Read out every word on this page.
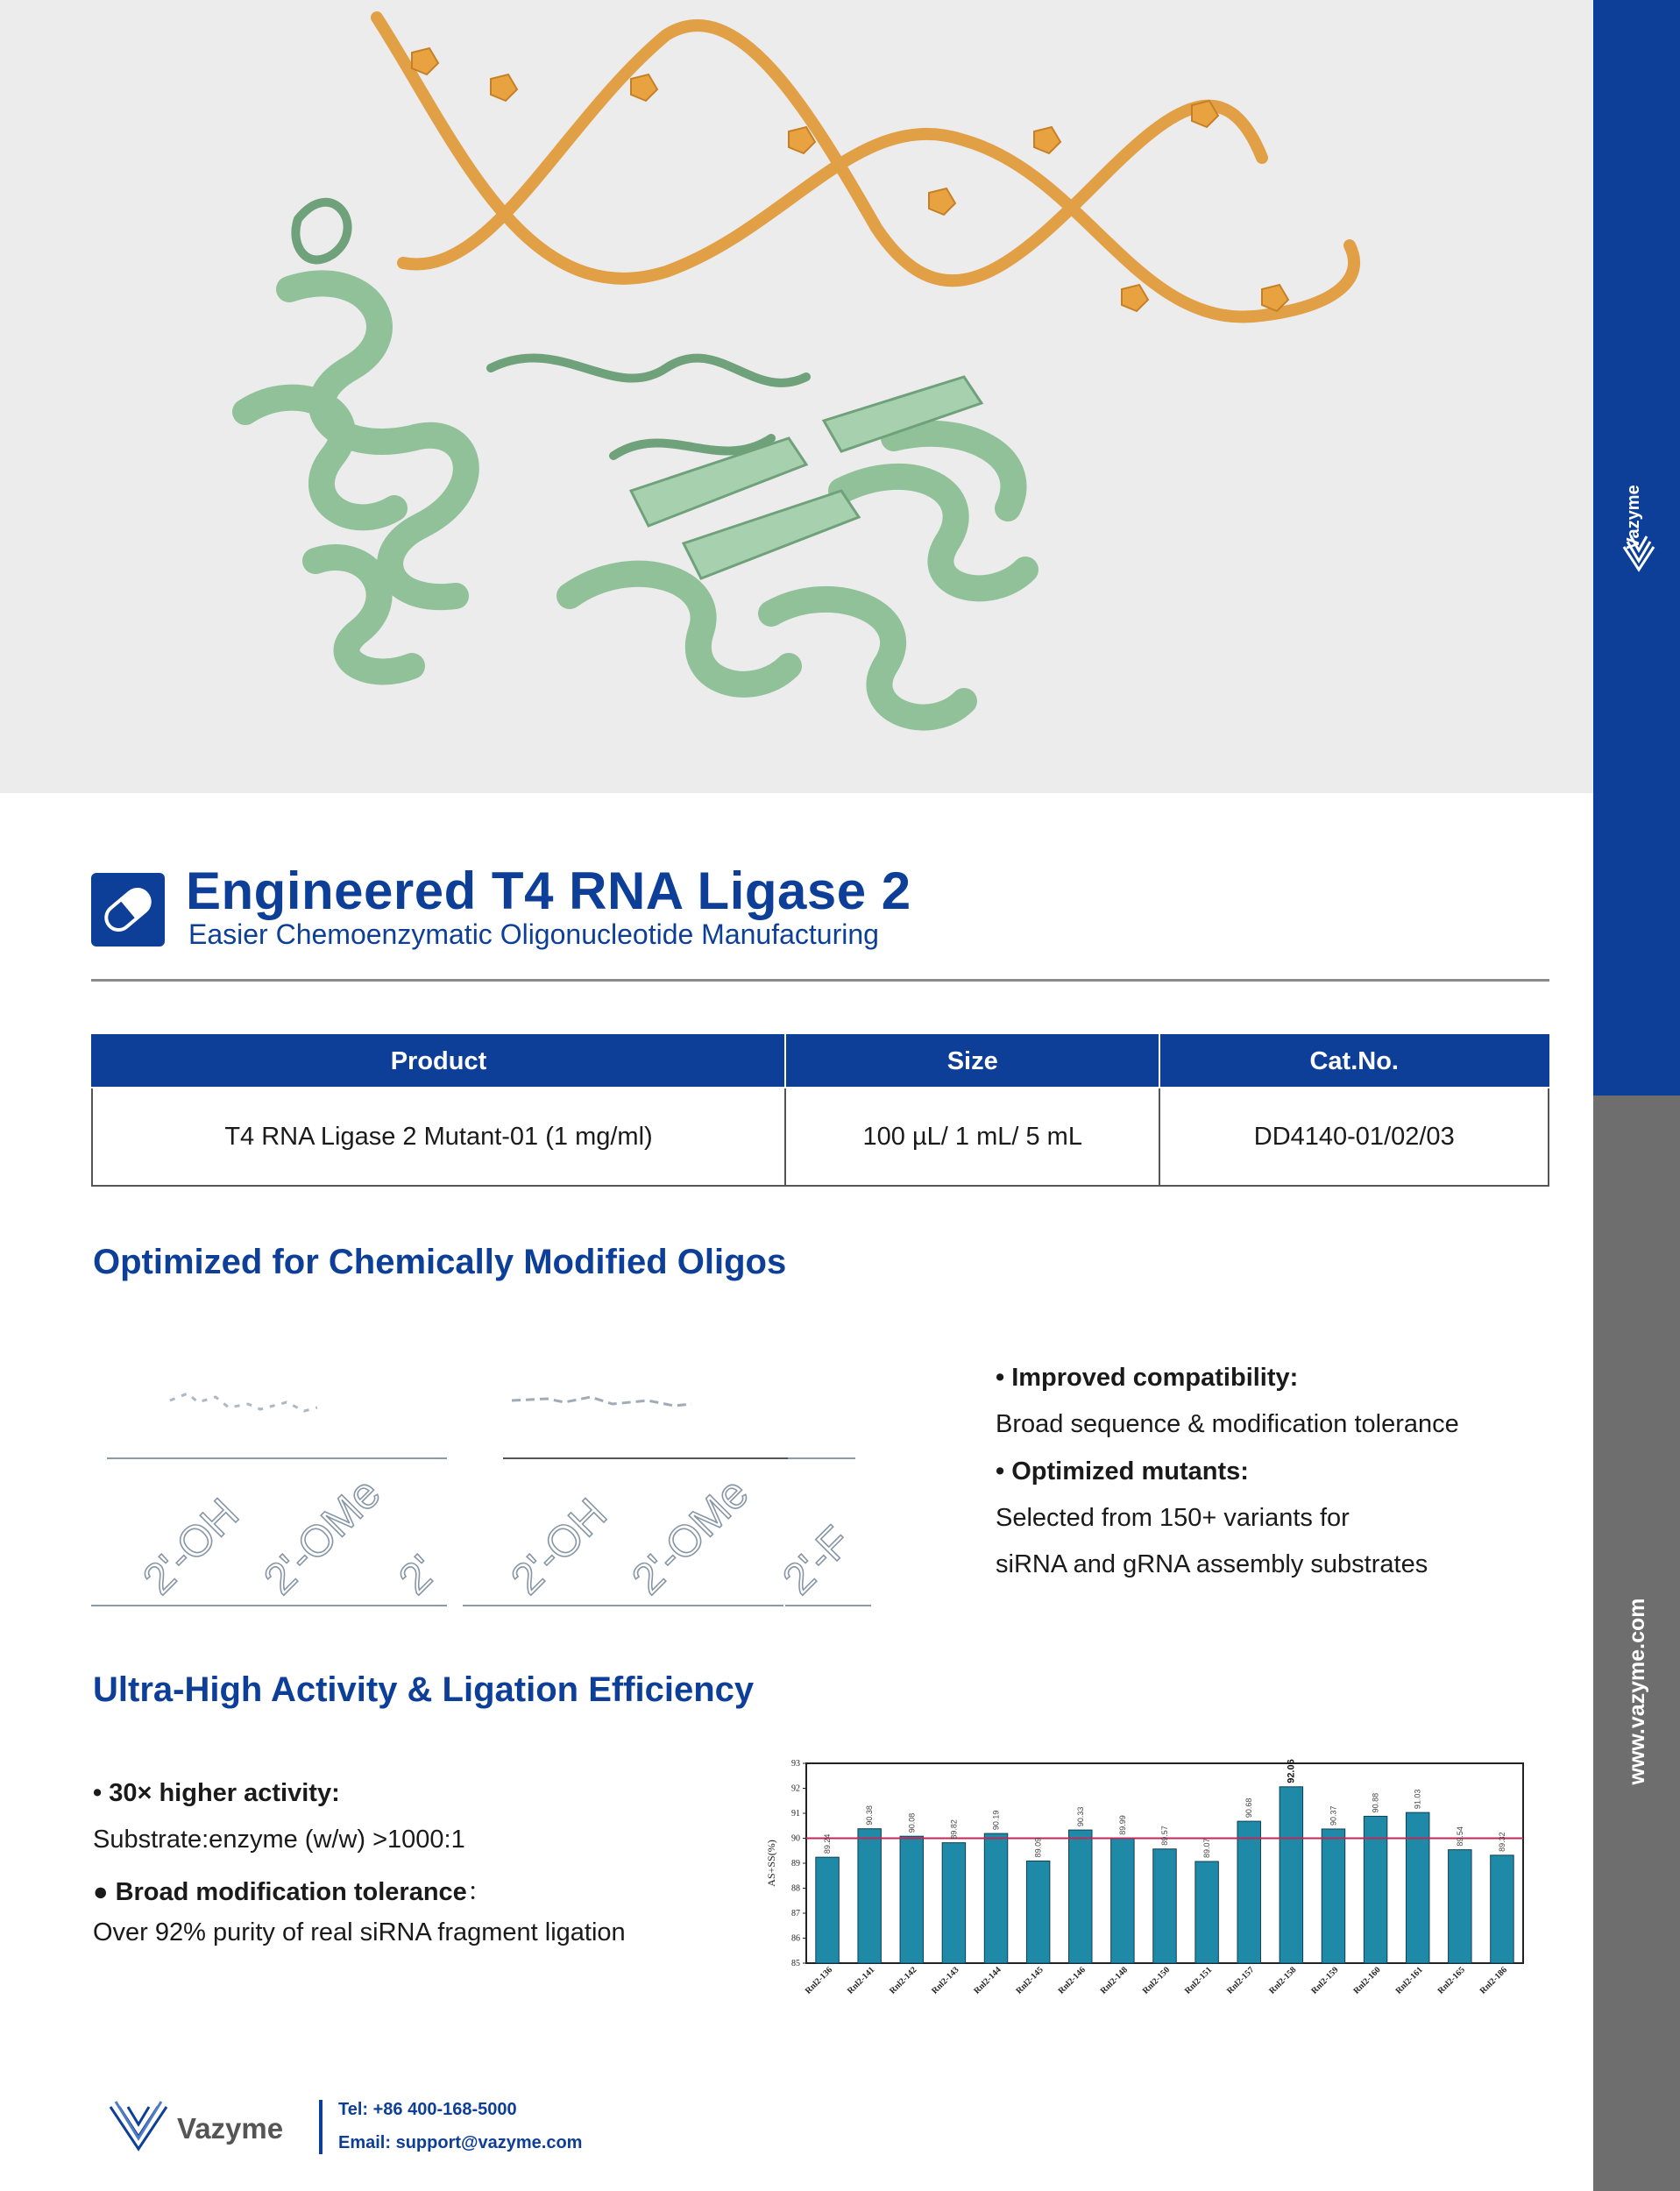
Vazyme
www.vazyme.com
Engineered T4 RNA Ligase 2
Easier Chemoenzymatic Oligonucleotide Manufacturing
Product	Size	Cat.No.
T4 RNA Ligase 2 Mutant-01 (1 mg/ml)	100 µL/ 1 mL/ 5 mL	DD4140-01/02/03
Optimized for Chemically Modified Oligos
2'-OH 2'-OMe 2' 2'-OH 2'-OMe 2'-F
• Improved compatibility:
Broad sequence & modification tolerance
• Optimized mutants:
Selected from 150+ variants for
siRNA and gRNA assembly substrates
Ultra-High Activity & Ligation Efficiency
• 30× higher activity:
Substrate:enzyme (w/w) >1000:1
● Broad modification tolerance：
Over 92% purity of real siRNA fragment ligation
85
86
87
88
89
90
91
92
93
89.24
90.38	90.08	89.82	90.19
89.09
90.33	89.99
89.57
89.07
90.68
92.06
90.37
90.88	91.03
89.54	89.32
Rnl2-136 Rnl2-141 Rnl2-142 Rnl2-143 Rnl2-144 Rnl2-145 Rnl2-146 Rnl2-148 Rnl2-150 Rnl2-151 Rnl2-157 Rnl2-158 Rnl2-159 Rnl2-160 Rnl2-161 Rnl2-165 Rnl2-186
AS+SS(%)
Vazyme
Tel: +86 400-168-5000
Email: support@vazyme.com
